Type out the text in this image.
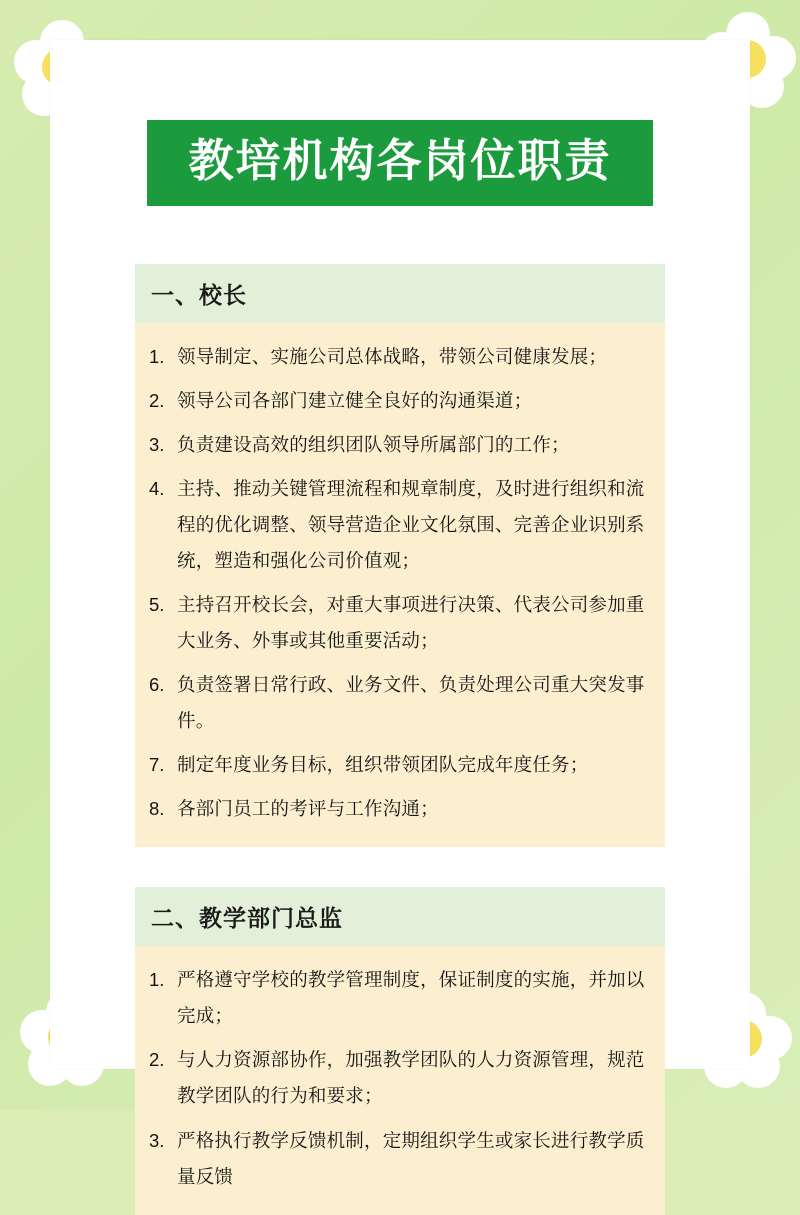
教培机构各岗位职责
一、校长
1. 领导制定、实施公司总体战略，带领公司健康发展；
2. 领导公司各部门建立健全良好的沟通渠道；
3. 负责建设高效的组织团队领导所属部门的工作；
4. 主持、推动关键管理流程和规章制度，及时进行组织和流程的优化调整、领导营造企业文化氛围、完善企业识别系统，塑造和强化公司价值观；
5. 主持召开校长会，对重大事项进行决策、代表公司参加重大业务、外事或其他重要活动；
6. 负责签署日常行政、业务文件、负责处理公司重大突发事件。
7. 制定年度业务目标，组织带领团队完成年度任务；
8. 各部门员工的考评与工作沟通；
二、教学部门总监
1. 严格遵守学校的教学管理制度，保证制度的实施，并加以完成；
2. 与人力资源部协作，加强教学团队的人力资源管理，规范教学团队的行为和要求；
3. 严格执行教学反馈机制，定期组织学生或家长进行教学质量反馈
